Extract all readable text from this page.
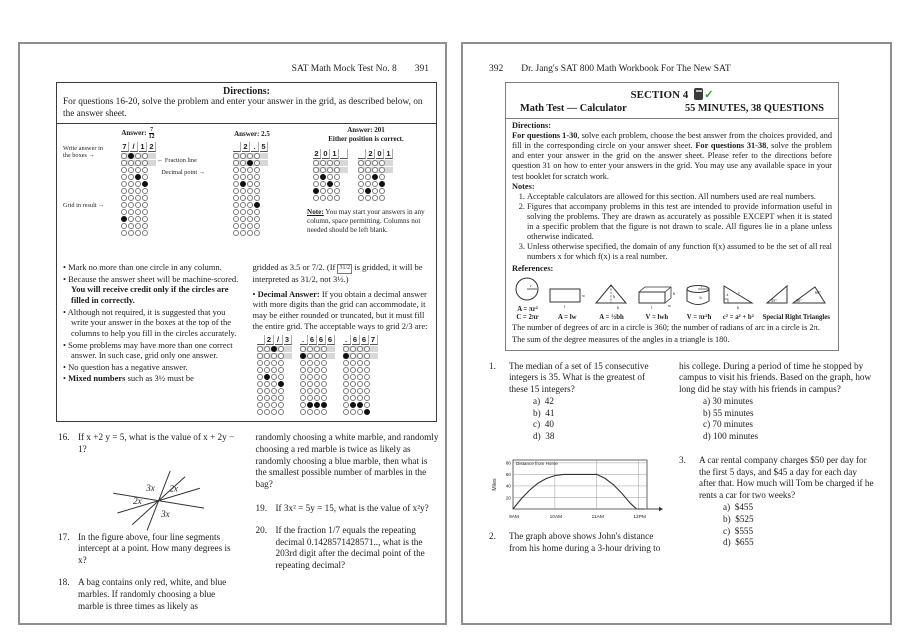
SAT Math Mock Test No. 8 391
Directions:
For questions 16-20, solve the problem and enter your answer in the grid, as described below, on the answer sheet.
Write answer in the boxes →
Answer: $\frac{7}{12}$
7 / 1 2
← Fraction line
Decimal point →
Grid in result →
Answer: 2.5
2 . 5
Answer: 201
Either position is correct.
2 0 1	2 0 1
Note: You may start your answers in any column, space permitting. Columns not needed should be left blank.
• Mark no more than one circle in any column.
• Because the answer sheet will be machine-scored. You will receive credit only if the circles are filled in correctly.
• Although not required, it is suggested that you write your answer in the boxes at the top of the columns to help you fill in the circles accurately.
• Some problems may have more than one correct answer. In such case, grid only one answer.
• No question has a negative answer.
• Mixed numbers such as 3½ must be

gridded as 3.5 or 7/2. (If 31/2 is gridded, it will be interpreted as 31/2, not 3½.)

• Decimal Answer: If you obtain a decimal answer with more digits than the grid can accommodate, it may be either rounded or truncated, but it must fill the entire grid. The acceptable ways to grid 2/3 are:

2 / 3	. 6 6 6	. 6 6 7
16. If x +2 y = 5, what is the value of x + 2y − 1?
3x 2x
2x
3x
17. In the figure above, four line segments intercept at a point. How many degrees is x?
18. A bag contains only red, white, and blue marbles. If randomly choosing a blue marble is three times as likely as

randomly choosing a white marble, and randomly choosing a red marble is twice as likely as randomly choosing a blue marble, then what is the smallest possible number of marbles in the bag?

19. If 3x² = 5y = 15, what is the value of x²y?
20. If the fraction 1/7 equals the repeating decimal 0.1428571428571.., what is the 203rd digit after the decimal point of the repeating decimal?
392 Dr. Jang's SAT 800 Math Workbook For The New SAT
SECTION 4 ✓
Math Test — Calculator	55 MINUTES, 38 QUESTIONS
Directions:

For questions 1-30, solve each problem, choose the best answer from the choices provided, and fill in the corresponding circle on your answer sheet. For questions 31-38, solve the problem and enter your answer in the grid on the answer sheet. Please refer to the directions before question 31 on how to enter your answers in the grid. You may use any available space in your test booklet for scratch work.

Notes:
1. Acceptable calculators are allowed for this section. All numbers used are real numbers.
2. Figures that accompany problems in this test are intended to provide information useful in solving the problems. They are drawn as accurately as possible EXCEPT when it is stated in a specific problem that the figure is not drawn to scale. All figures lie in a plane unless otherwise indicated.
3. Unless otherwise specified, the domain of any function f(x) assumed to be the set of all real numbers x for which f(x) is a real number.
References:
r
A = πr²
C = 2πr
l
w
A = lw
h
b
A = ½bh
l
h
w
V = lwh
r
h
V = πr²h
a c
b
c² = a² + b²
45°	30°
60°
Special Right Triangles

The number of degrees of arc in a circle is 360; the number of radians of arc in a circle is 2π.

The sum of the degree measures of the angles in a triangle is 180.

1.	The median of a set of 15 consecutive integers is 35. What is the greatest of these 15 integers?
a)  42
b)  41
c)  40
d)  38
20
40
60
80
9AM	10AM	11AM	12PM
Distance from Home
Miles
2.	The graph above shows John's distance from his home during a 3-hour driving to

his college. During a period of time he stopped by campus to visit his friends. Based on the graph, how long did he stay with his friends in campus?
a) 30 minutes
b) 55 minutes
c) 70 minutes
d) 100 minutes

3.	A car rental company charges $50 per day for the first 5 days, and $45 a day for each day after that. How much will Tom be charged if he rents a car for two weeks?
a)  $455
b)  $525
c)  $555
d)  $655
